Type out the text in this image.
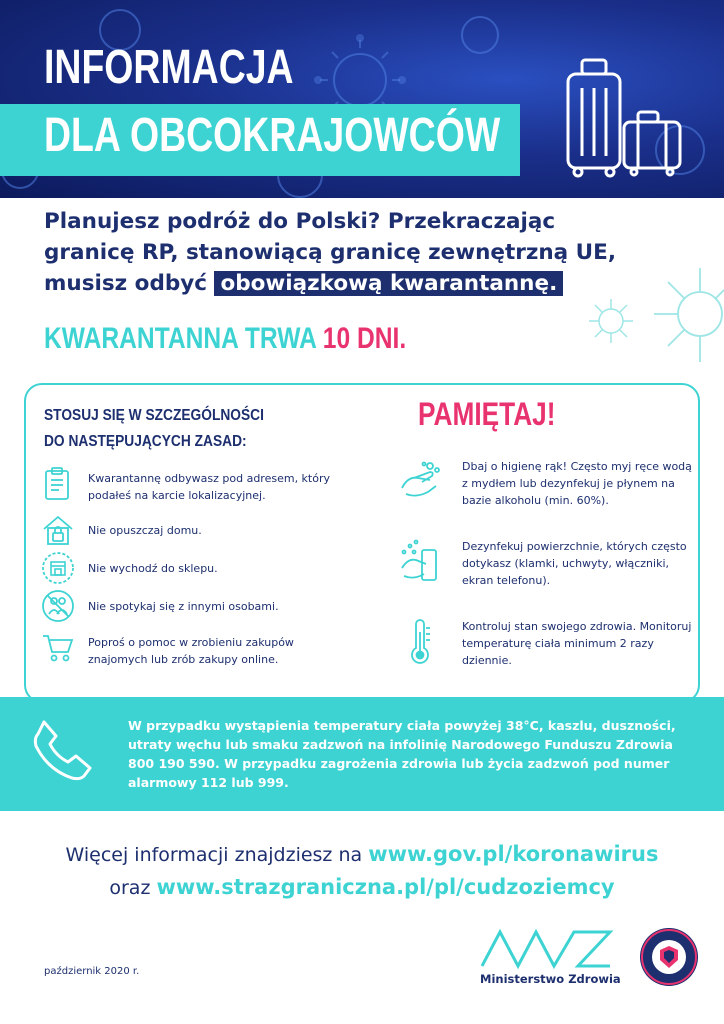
INFORMACJA
DLA OBCOKRAJOWCÓW
Planujesz podróż do Polski? Przekraczając granicę RP, stanowiącą granicę zewnętrzną UE, musisz odbyć obowiązkową kwarantannę.
KWARANTANNA TRWA 10 DNI.
STOSUJ SIĘ W SZCZEGÓLNOŚCI
DO NASTĘPUJĄCYCH ZASAD:
Kwarantannę odbywasz pod adresem, który podałeś na karcie lokalizacyjnej.
Nie opuszczaj domu.
Nie wychodź do sklepu.
Nie spotykaj się z innymi osobami.
Poproś o pomoc w zrobieniu zakupów znajomych lub zrób zakupy online.
PAMIĘTAJ!
Dbaj o higienę rąk! Często myj ręce wodą z mydłem lub dezynfekuj je płynem na bazie alkoholu (min. 60%).
Dezynfekuj powierzchnie, których często dotykasz (klamki, uchwyty, włączniki, ekran telefonu).
Kontroluj stan swojego zdrowia. Monitoruj temperaturę ciała minimum 2 razy dziennie.
W przypadku wystąpienia temperatury ciała powyżej 38°C, kaszlu, duszności, utraty węchu lub smaku zadzwoń na infolinię Narodowego Funduszu Zdrowia 800 190 590. W przypadku zagrożenia zdrowia lub życia zadzwoń pod numer alarmowy 112 lub 999.
Więcej informacji znajdziesz na www.gov.pl/koronawirus
oraz www.strazgraniczna.pl/pl/cudzoziemcy
październik 2020 r.
Ministerstwo Zdrowia
